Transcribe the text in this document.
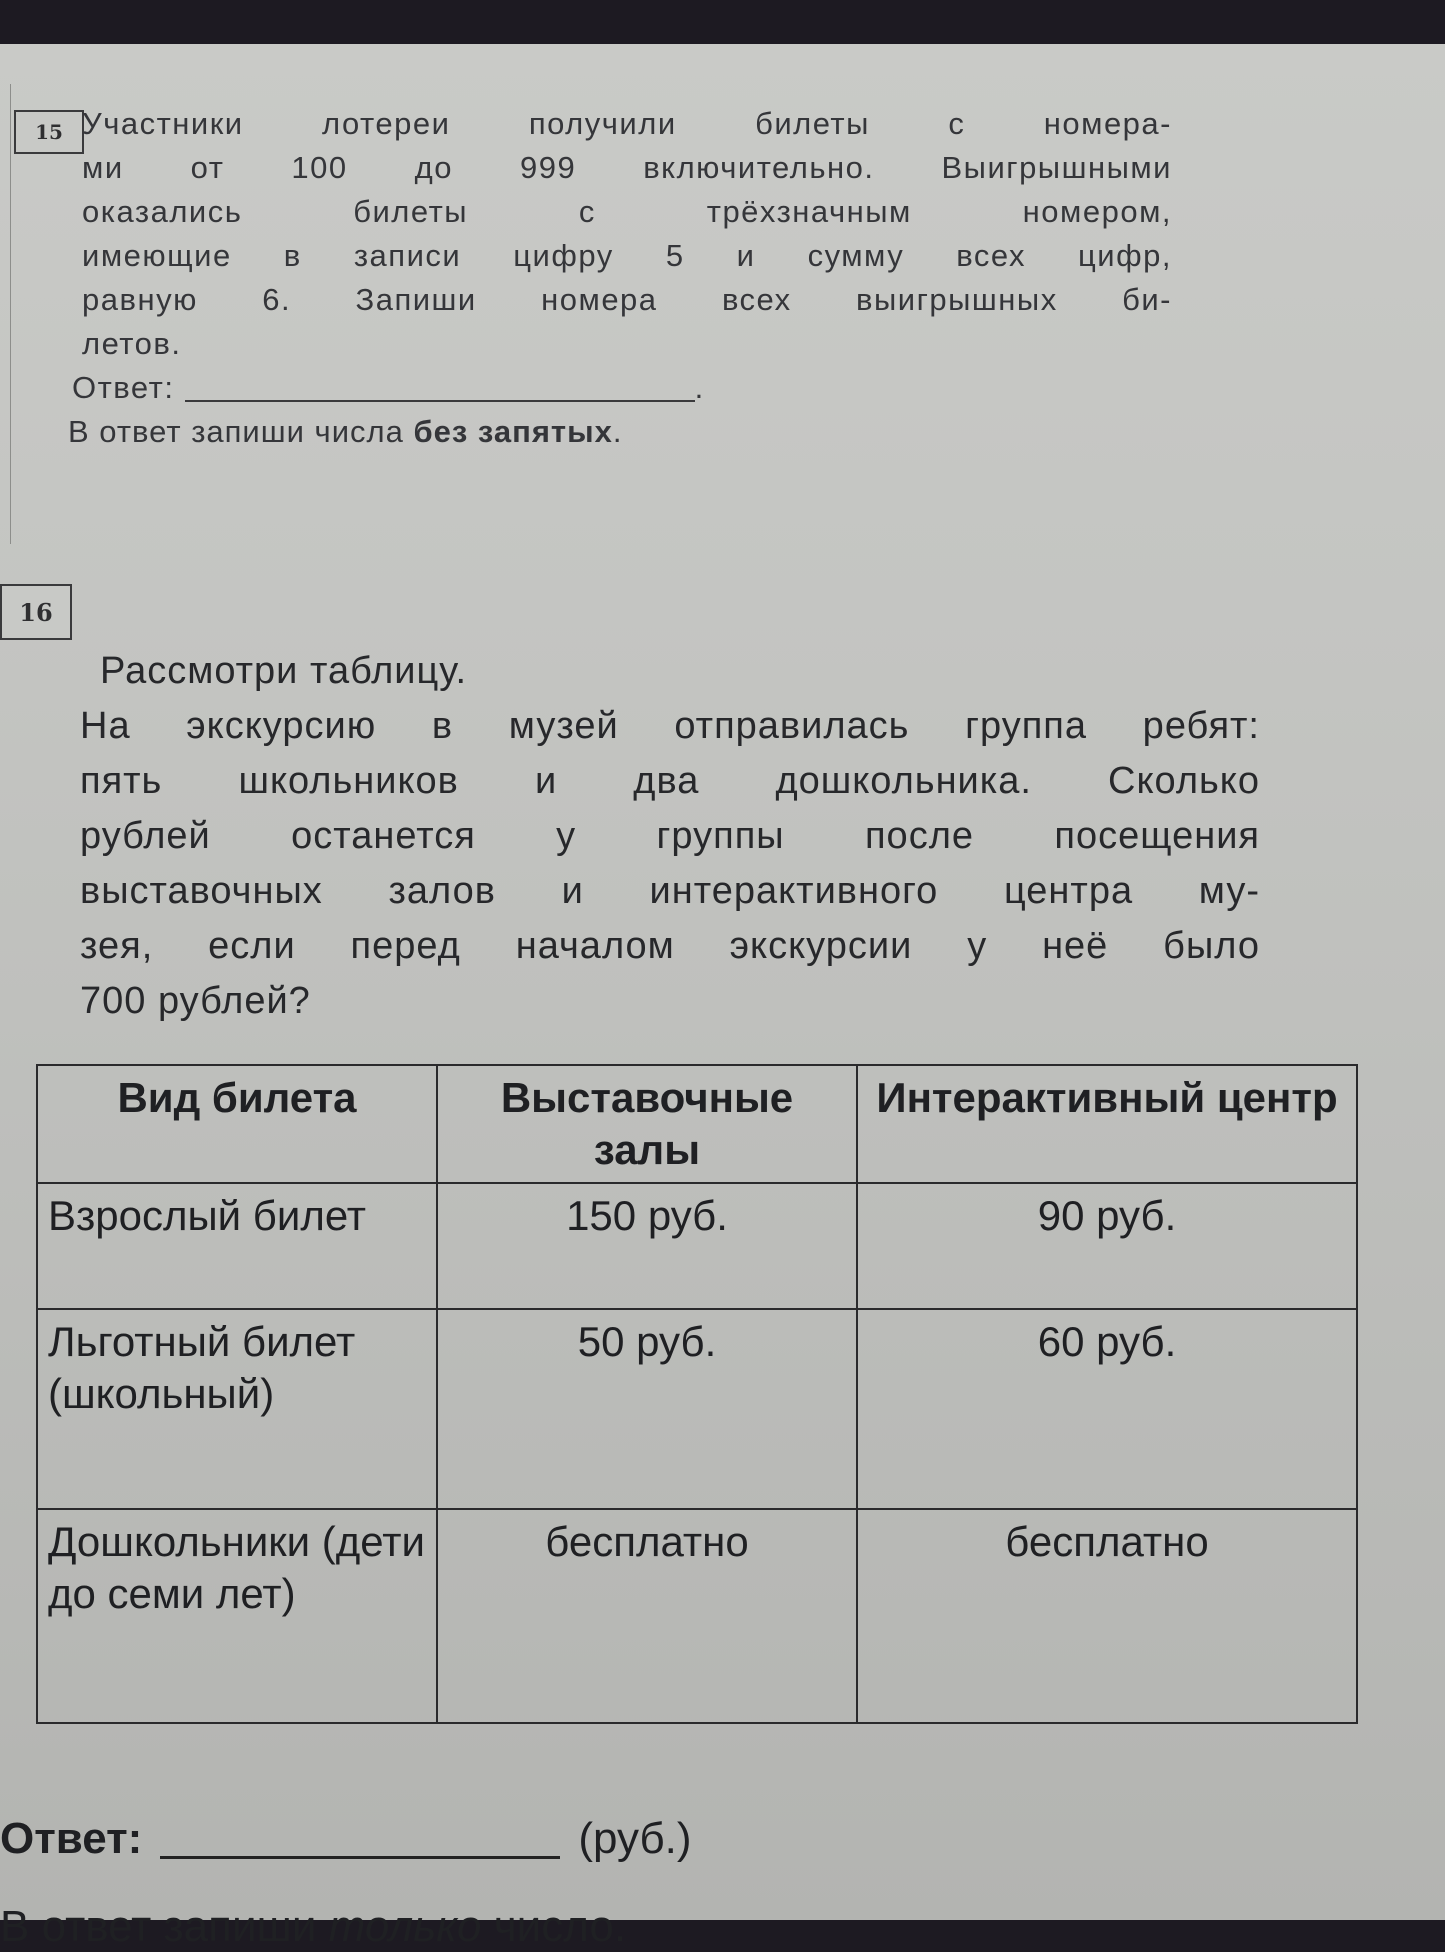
15 Участники лотереи получили билеты с номера-
ми от 100 до 999 включительно. Выигрышными
оказались билеты с трёхзначным номером,
имеющие в записи цифру 5 и сумму всех цифр,
равную 6. Запиши номера всех выигрышных би-
летов.
Ответ:	.
В ответ запиши числа без запятых.
16
Рассмотри таблицу.
На экскурсию в музей отправилась группа ребят:
пять школьников и два дошкольника. Сколько
рублей останется у группы после посещения
выставочных залов и интерактивного центра му-
зея, если перед началом экскурсии у неё было
700 рублей?
Вид билета	Выставочные залы	Интерактивный центр
Взрослый билет	150 руб.	90 руб.
Льготный билет (школьный)	50 руб.	60 руб.
Дошкольники (дети до семи лет)	бесплатно	бесплатно
Ответ:	(руб.)
В ответ запиши только число.
